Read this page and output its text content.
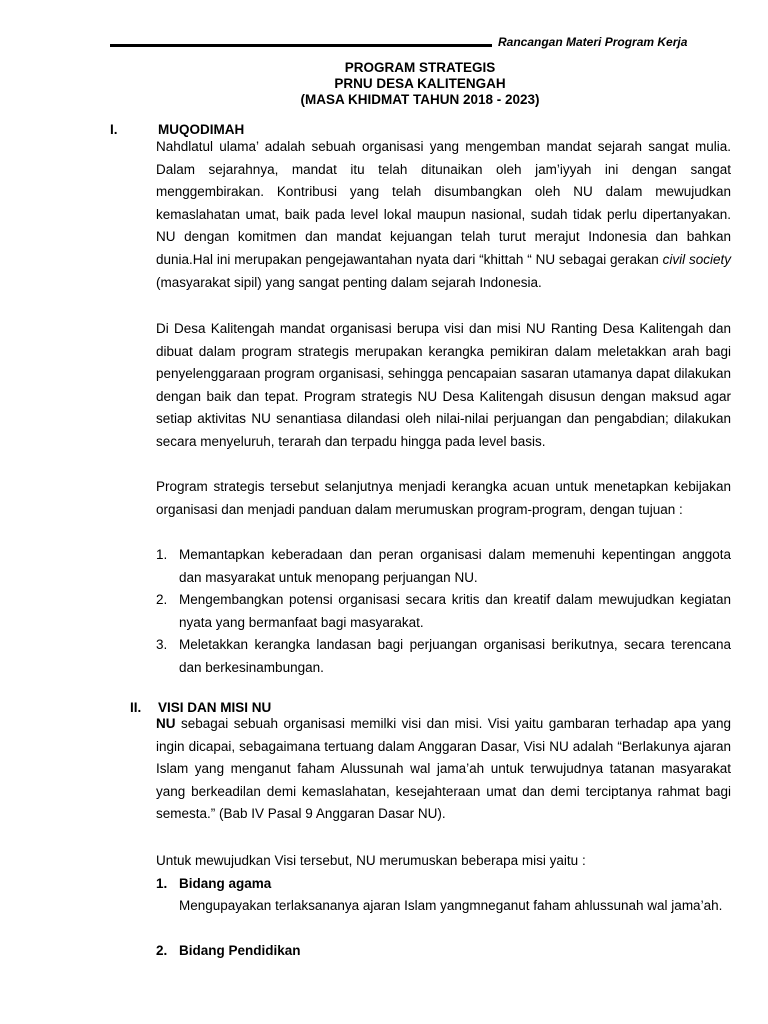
Rancangan Materi Program Kerja
PROGRAM STRATEGIS
PRNU DESA KALITENGAH
(MASA KHIDMAT TAHUN 2018 - 2023)
I.	MUQODIMAH

Nahdlatul ulama’ adalah sebuah organisasi yang mengemban mandat sejarah sangat mulia. Dalam sejarahnya, mandat itu telah ditunaikan oleh jam’iyyah ini dengan sangat menggembirakan. Kontribusi yang telah disumbangkan oleh NU dalam mewujudkan kemaslahatan umat, baik pada level lokal maupun nasional, sudah tidak perlu dipertanyakan. NU dengan komitmen dan mandat kejuangan telah turut merajut Indonesia dan bahkan dunia.Hal ini merupakan pengejawantahan nyata dari “khittah “ NU sebagai gerakan civil society (masyarakat sipil) yang sangat penting dalam sejarah Indonesia.

Di Desa Kalitengah mandat organisasi berupa visi dan misi NU Ranting Desa Kalitengah dan dibuat dalam program strategis merupakan kerangka pemikiran dalam meletakkan arah bagi penyelenggaraan program organisasi, sehingga pencapaian sasaran utamanya dapat dilakukan dengan baik dan tepat. Program strategis NU Desa Kalitengah disusun dengan maksud agar setiap aktivitas NU senantiasa dilandasi oleh nilai-nilai perjuangan dan pengabdian; dilakukan secara menyeluruh, terarah dan terpadu hingga pada level basis.

Program strategis tersebut selanjutnya menjadi kerangka acuan untuk menetapkan kebijakan organisasi dan menjadi panduan dalam merumuskan program-program, dengan tujuan :

1. Memantapkan keberadaan dan peran organisasi dalam memenuhi kepentingan anggota dan masyarakat untuk menopang perjuangan NU.

2. Mengembangkan potensi organisasi secara kritis dan kreatif dalam mewujudkan kegiatan nyata yang bermanfaat bagi masyarakat.

3. Meletakkan kerangka landasan bagi perjuangan organisasi berikutnya, secara terencana dan berkesinambungan.

II. VISI DAN MISI NU

NU sebagai sebuah organisasi memilki visi dan misi. Visi yaitu gambaran terhadap apa yang ingin dicapai, sebagaimana tertuang dalam Anggaran Dasar, Visi NU adalah “Berlakunya ajaran Islam yang menganut faham Alussunah wal jama’ah untuk terwujudnya tatanan masyarakat yang berkeadilan demi kemaslahatan, kesejahteraan umat dan demi terciptanya rahmat bagi semesta.” (Bab IV Pasal 9 Anggaran Dasar NU).

Untuk mewujudkan Visi tersebut, NU merumuskan beberapa misi yaitu :

1. Bidang agama

Mengupayakan terlaksananya ajaran Islam yangmneganut faham ahlussunah wal jama’ah.

2. Bidang Pendidikan
